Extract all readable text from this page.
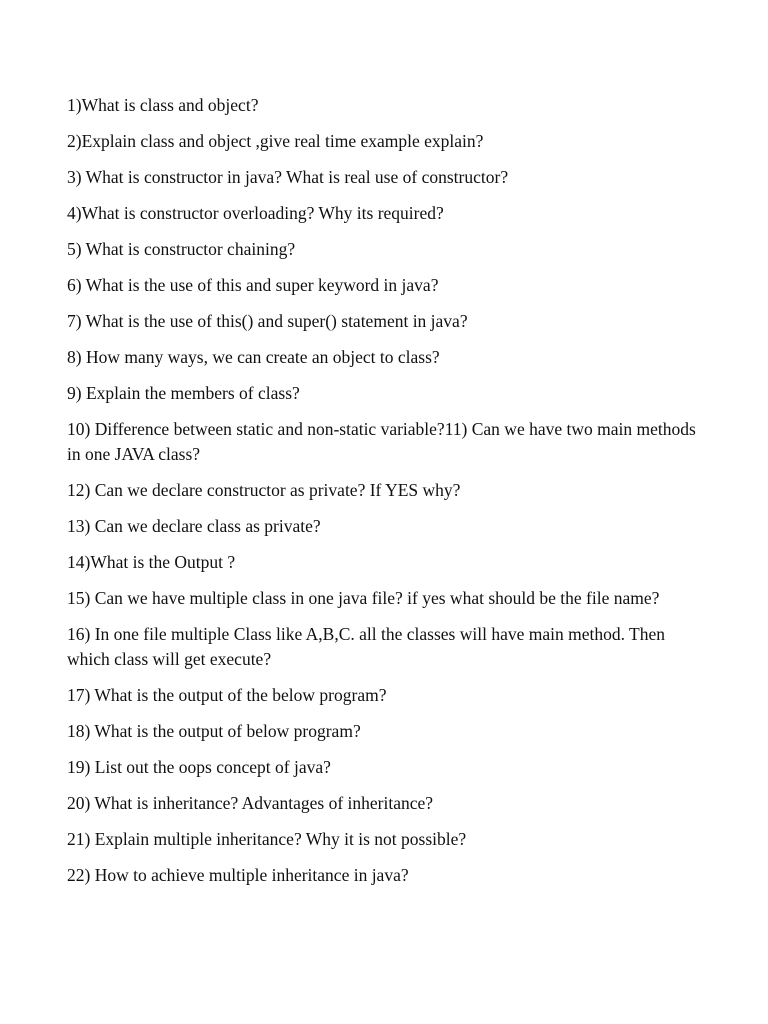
1)What is class and object?
2)Explain class and object ,give real time example explain?
3) What is constructor in java? What is real use of constructor?
4)What is constructor overloading? Why its required?
5) What is constructor chaining?
6) What is the use of this and super keyword in java?
7) What is the use of this() and super() statement in java?
8) How many ways, we can create an object to class?
9) Explain the members of class?
10) Difference between static and non-static variable?11) Can we have two main methods in one JAVA class?
12) Can we declare constructor as private? If YES why?
13) Can we declare class as private?
14)What is the Output ?
15) Can we have multiple class in one java file? if yes what should be the file name?
16) In one file multiple Class like A,B,C. all the classes will have main method. Then which class will get execute?
17) What is the output of the below program?
18) What is the output of below program?
19) List out the oops concept of java?
20) What is inheritance? Advantages of inheritance?
21) Explain multiple inheritance? Why it is not possible?
22) How to achieve multiple inheritance in java?
